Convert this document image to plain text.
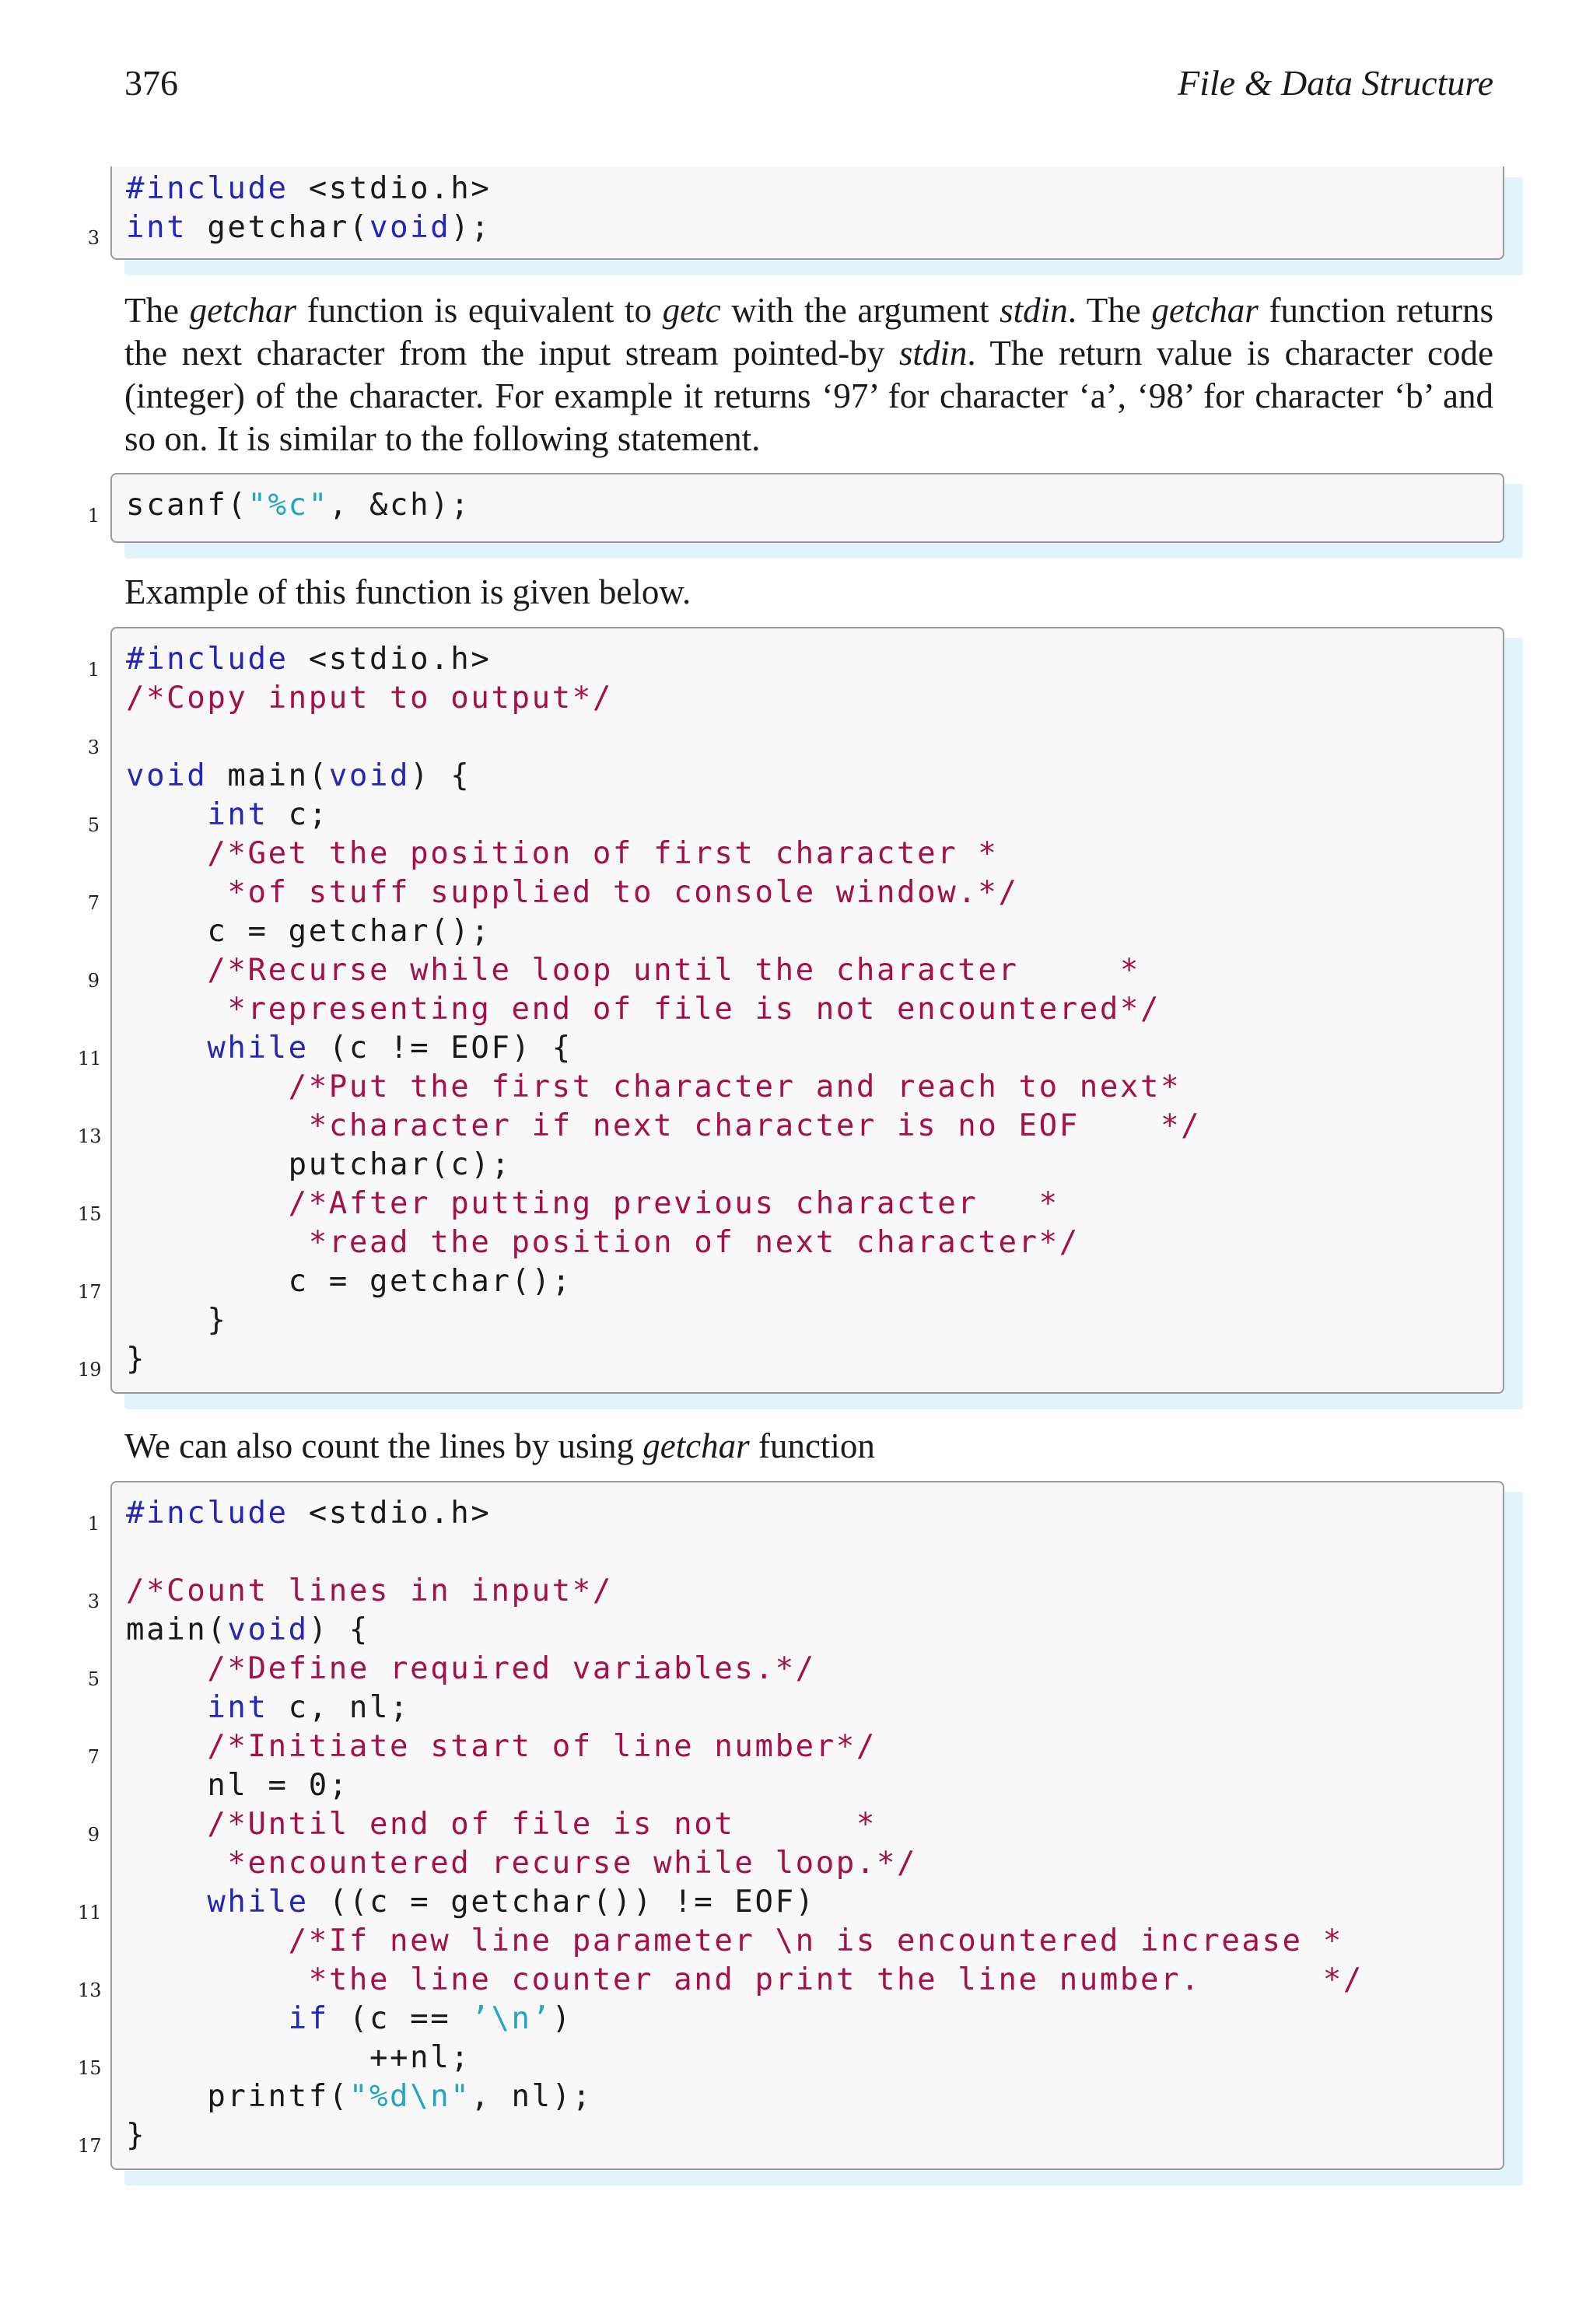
376	File & Data Structure
#include <stdio.h>
3 int getchar(void);
The getchar function is equivalent to getc with the argument stdin. The getchar function returns the next character from the input stream pointed-by stdin. The return value is character code (integer) of the character. For example it returns ‘97’ for character ‘a’, ‘98’ for character ‘b’ and so on. It is similar to the following statement.
1 scanf("%c", &ch);
Example of this function is given below.
1 #include <stdio.h>
/*Copy input to output*/
3
void main(void) {
5	int c;
/*Get the position of first character *
7	*of stuff supplied to console window.*/
c = getchar();
9	/*Recurse while loop until the character     *
*representing end of file is not encountered*/
11	while (c != EOF) {
/*Put the first character and reach to next*
13	*character if next character is no EOF    */
putchar(c);
15	/*After putting previous character   *
*read the position of next character*/
17 c = getchar();
}
19 }
We can also count the lines by using getchar function
1 #include <stdio.h>
3 /*Count lines in input*/
main(void) {
5	/*Define required variables.*/
int c, nl;
7	/*Initiate start of line number*/
nl = 0;
9	/*Until end of file is not      *
*encountered recurse while loop.*/
11	while ((c = getchar()) != EOF)
/*If new line parameter \n is encountered increase *
13	*the line counter and print the line number.      */
if (c == ’\n’)
15 ++nl;
printf("%d\n", nl);
17 }
